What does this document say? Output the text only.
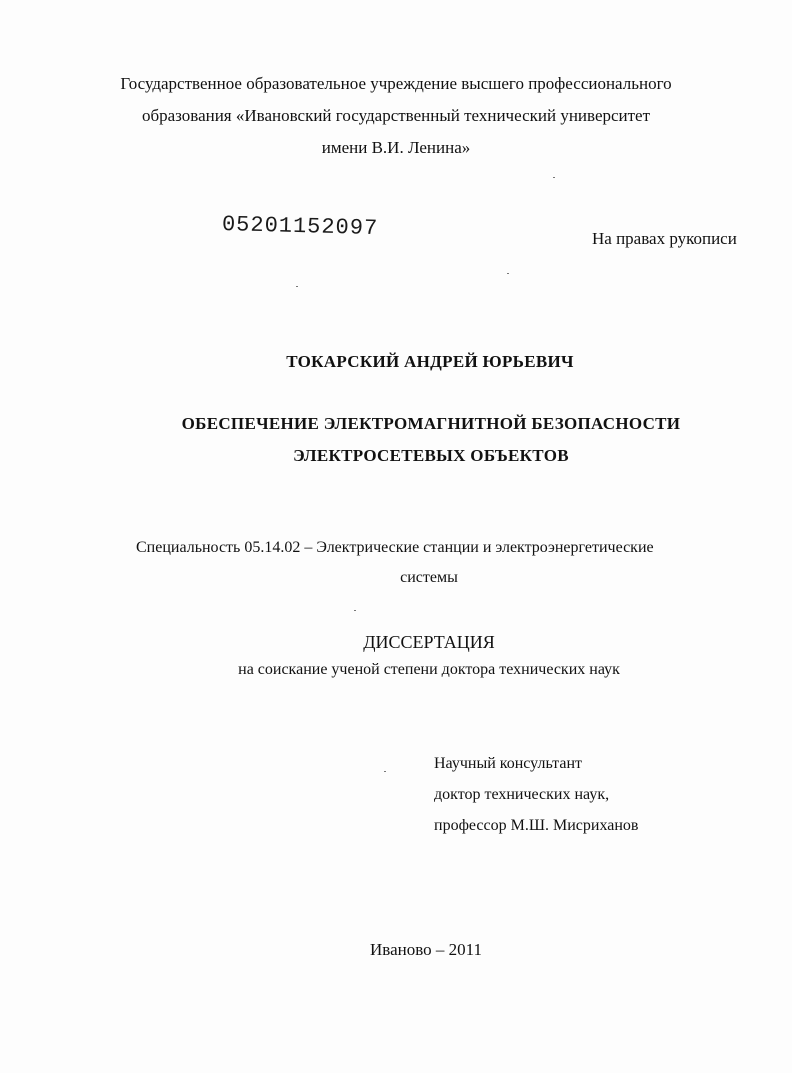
Государственное образовательное учреждение высшего профессионального
образования «Ивановский государственный технический университет
имени В.И. Ленина»
05201152097	На правах рукописи
ТОКАРСКИЙ АНДРЕЙ ЮРЬЕВИЧ
ОБЕСПЕЧЕНИЕ ЭЛЕКТРОМАГНИТНОЙ БЕЗОПАСНОСТИ
ЭЛЕКТРОСЕТЕВЫХ ОБЪЕКТОВ
Специальность 05.14.02 – Электрические станции и электроэнергетические
системы
ДИССЕРТАЦИЯ
на соискание ученой степени доктора технических наук
Научный консультант
доктор технических наук,
профессор М.Ш. Мисриханов
Иваново – 2011
